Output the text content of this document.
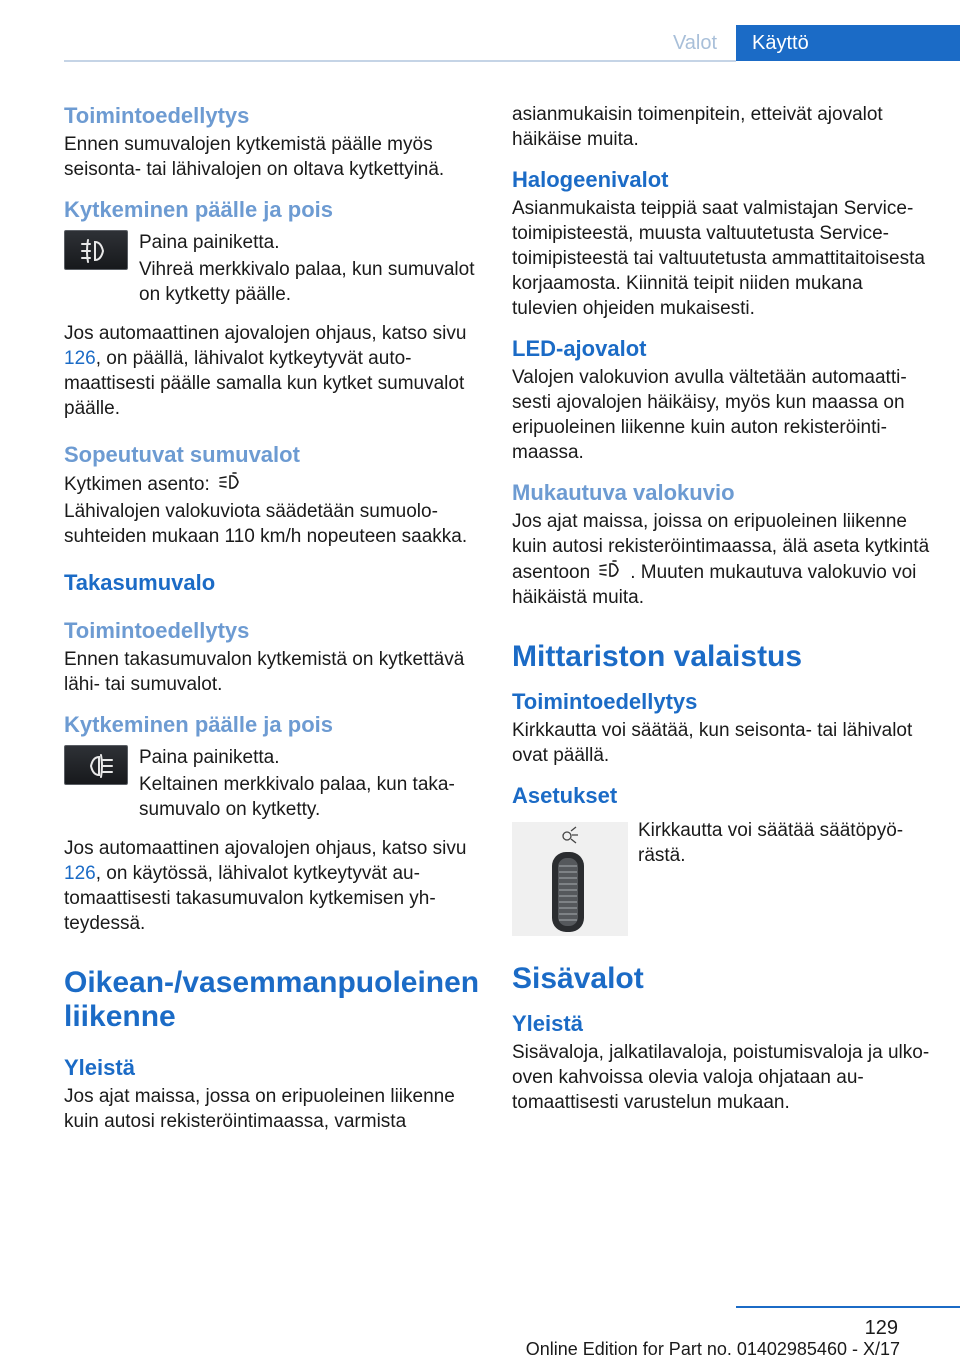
Valot	Käyttö
Toimintoedellytys

Ennen sumuvalojen kytkemistä päälle myös seisonta- tai lähivalojen on oltava kytkettyinä.

Kytkeminen päälle ja pois

Paina painiketta.

Vihreä merkkivalo palaa, kun sumuvalot on kytketty päälle.

Jos automaattinen ajovalojen ohjaus, katso sivu 126, on päällä, lähivalot kytkeytyvät automaattisesti päälle samalla kun kytket sumuvalot päälle.

Sopeutuvat sumuvalot

Kytkimen asento:

Lähivalojen valokuviota säädetään sumuolosuhteiden mukaan 110 km/h nopeuteen saakka.

Takasumuvalo
Toimintoedellytys

Ennen takasumuvalon kytkemistä on kytkettävä lähi- tai sumuvalot.

Kytkeminen päälle ja pois

Paina painiketta.

Keltainen merkkivalo palaa, kun takasumuvalo on kytketty.

Jos automaattinen ajovalojen ohjaus, katso sivu 126, on käytössä, lähivalot kytkeytyvät automaattisesti takasumuvalon kytkemisen yhteydessä.

Oikean-/vasemmanpuoleinen liikenne
Yleistä

Jos ajat maissa, jossa on eripuoleinen liikenne kuin autosi rekisteröintimaassa, varmista

asianmukaisin toimenpitein, etteivät ajovalot häikäise muita.

Halogeenivalot

Asianmukaista teippiä saat valmistajan Service-toimipisteestä, muusta valtuutetusta Service-toimipisteestä tai valtuutetusta ammattitaitoisesta korjaamosta. Kiinnitä teipit niiden mukana tulevien ohjeiden mukaisesti.

LED-ajovalot

Valojen valokuvion avulla vältetään automaattisesti ajovalojen häikäisy, myös kun maassa on eripuoleinen liikenne kuin auton rekisteröintimaassa.

Mukautuva valokuvio

Jos ajat maissa, joissa on eripuoleinen liikenne kuin autosi rekisteröintimaassa, älä aseta kytkintä asentoon . Muuten mukautuva valokuvio voi häikäistä muita.

Mittariston valaistus
Toimintoedellytys

Kirkkautta voi säätää, kun seisonta- tai lähivalot ovat päällä.

Asetukset

Kirkkautta voi säätää säätöpyörästä.

Sisävalot
Yleistä

Sisävaloja, jalkatilavaloja, poistumisvaloja ja ulko-oven kahvoissa olevia valoja ohjataan automaattisesti varustelun mukaan.

129
Online Edition for Part no. 01402985460 - X/17
